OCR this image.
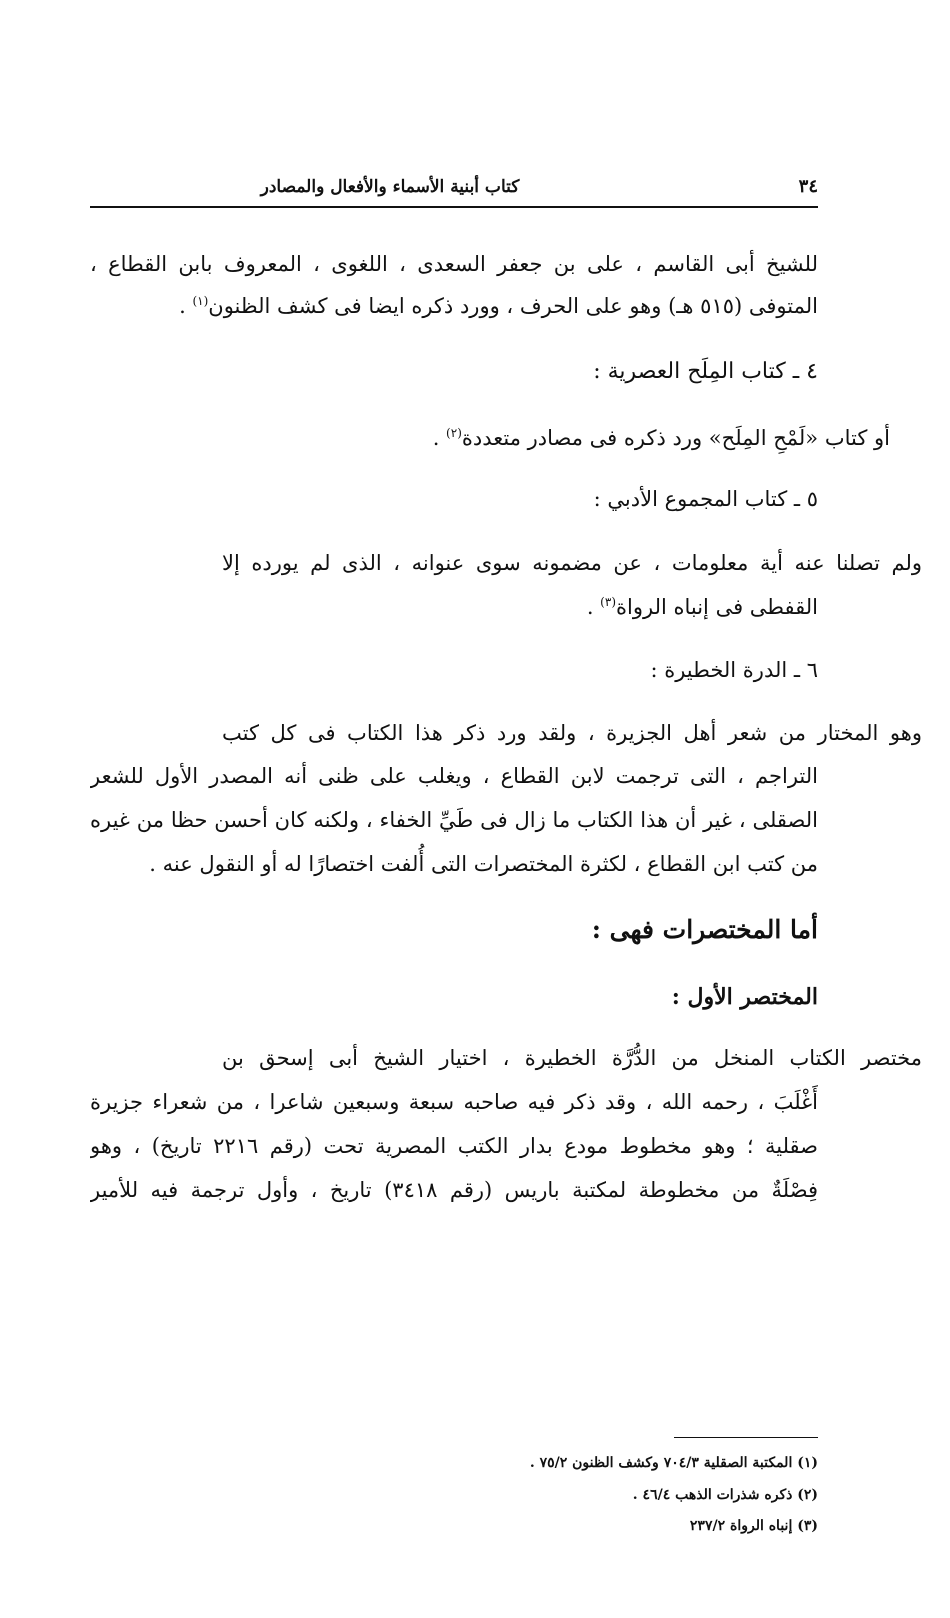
٣٤
كتاب أبنية الأسماء والأفعال والمصادر
للشيخ أبى القاسم ، على بن جعفر السعدى ، اللغوى ، المعروف بابن القطاع ،
المتوفى (٥١٥ هـ) وهو على الحرف ، وورد ذكره ايضا فى كشف الظنون$^{(١)}$ .
٤ ـ كتاب المِلَح العصرية :
أو كتاب «لَمْحِ المِلَح» ورد ذكره فى مصادر متعددة$^{(٢)}$ .
٥ ـ كتاب المجموع الأدبي :
ولم تصلنا عنه أية معلومات ، عن مضمونه سوى عنوانه ، الذى لم يورده إلا
القفطى فى إنباه الرواة$^{(٣)}$ .
٦ ـ الدرة الخطيرة :
وهو المختار من شعر أهل الجزيرة ، ولقد ورد ذكر هذا الكتاب فى كل كتب
التراجم ، التى ترجمت لابن القطاع ، ويغلب على ظنى أنه المصدر الأول للشعر
الصقلى ، غير أن هذا الكتاب ما زال فى طَيِّ الخفاء ، ولكنه كان أحسن حظا من غيره
من كتب ابن القطاع ، لكثرة المختصرات التى أُلفت اختصارًا له أو النقول عنه .
أما المختصرات فهى :
المختصر الأول :
مختصر الكتاب المنخل من الدُّرَّة الخطيرة ، اختيار الشيخ أبى إسحق بن
أَغْلَبَ ، رحمه الله ، وقد ذكر فيه صاحبه سبعة وسبعين شاعرا ، من شعراء جزيرة
صقلية ؛ وهو مخطوط مودع بدار الكتب المصرية تحت (رقم ٢٢١٦ تاريخ) ، وهو
فِصْلَةٌ من مخطوطة لمكتبة باريس (رقم ٣٤١٨) تاريخ ، وأول ترجمة فيه للأمير
(١) المكتبة الصقلية ٧٠٤/٣ وكشف الظنون ٧٥/٢ .
(٢) ذكره شذرات الذهب ٤٦/٤ .
(٣) إنباه الرواة ٢٣٧/٢
